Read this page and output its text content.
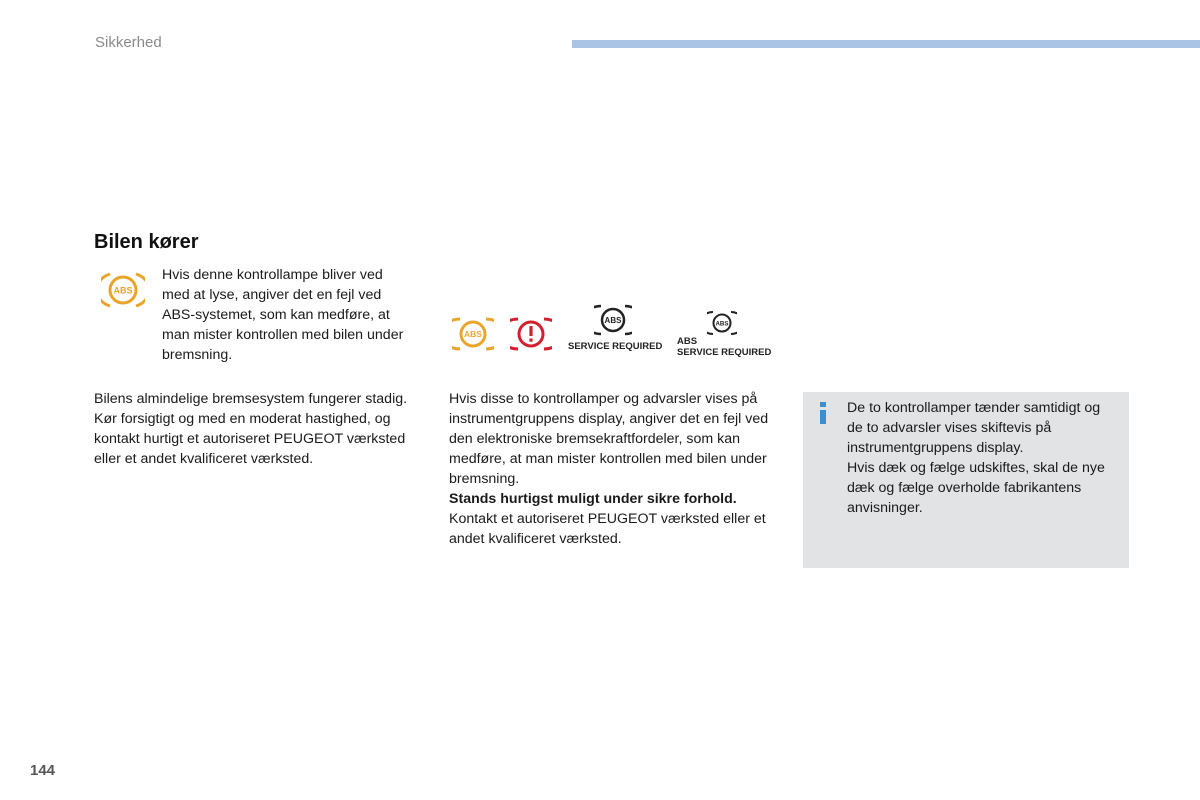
Sikkerhed
Bilen kører
ABS
Hvis denne kontrollampe bliver ved med at lyse, angiver det en fejl ved ABS-systemet, som kan medføre, at man mister kontrollen med bilen under bremsning.

Bilens almindelige bremsesystem fungerer stadig.

Kør forsigtigt og med en moderat hastighed, og kontakt hurtigt et autoriseret PEUGEOT værksted eller et andet kvalificeret værksted.

ABS
ABS
SERVICE REQUIRED
ABS
ABS
SERVICE REQUIRED

Hvis disse to kontrollamper og advarsler vises på instrumentgruppens display, angiver det en fejl ved den elektroniske bremsekraftfordeler, som kan medføre, at man mister kontrollen med bilen under bremsning.

Stands hurtigst muligt under sikre forhold.

Kontakt et autoriseret PEUGEOT værksted eller et andet kvalificeret værksted.

De to kontrollamper tænder samtidigt og de to advarsler vises skiftevis på instrumentgruppens display.

Hvis dæk og fælge udskiftes, skal de nye dæk og fælge overholde fabrikantens anvisninger.

144
